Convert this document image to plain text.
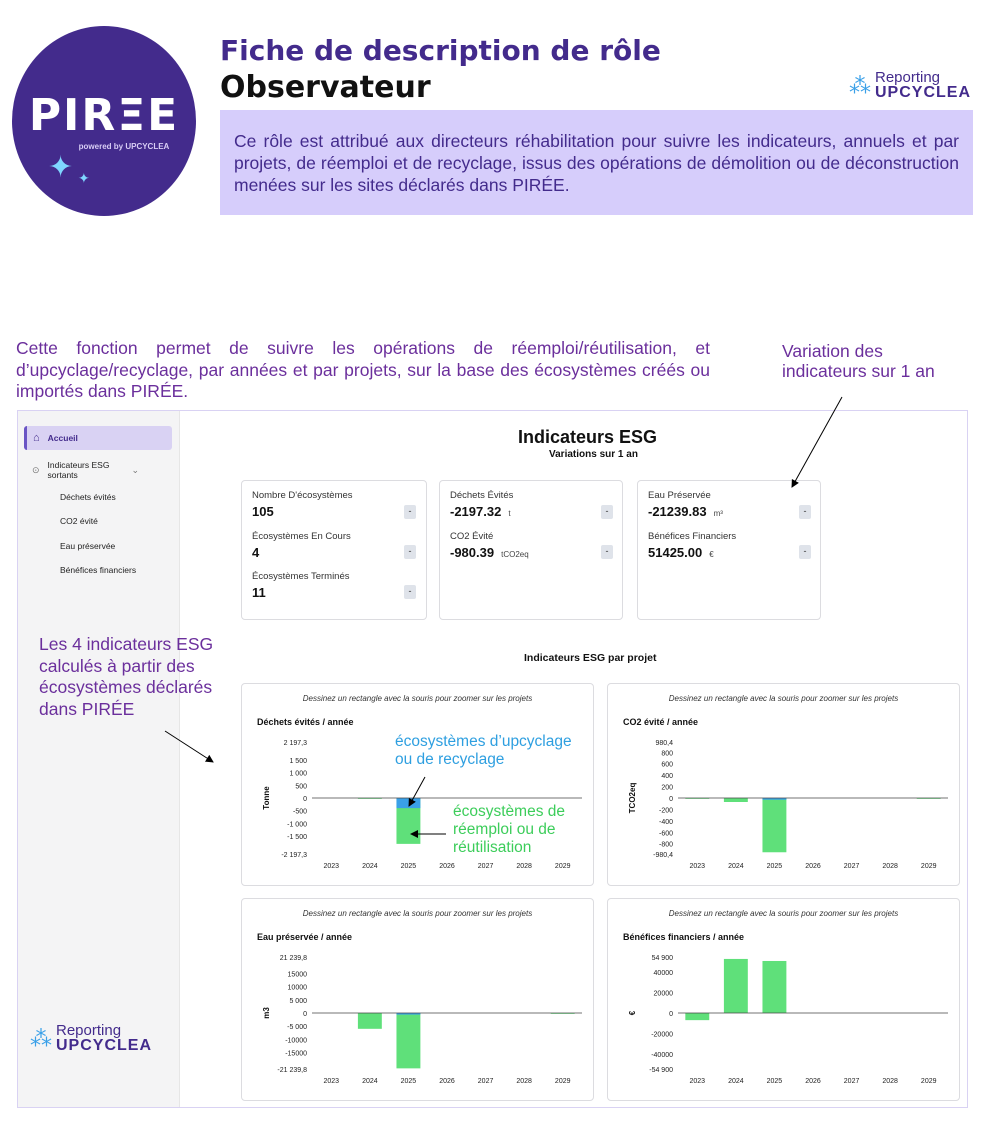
PIRΞE
powered by UPCYCLEA
✦ ✦
Fiche de description de rôle
Observateur	⁂ Reporting
UPCYCLEA
Ce rôle est attribué aux directeurs réhabilitation pour suivre les indicateurs, annuels et par projets, de réemploi et de recyclage, issus des opérations de démolition ou de déconstruction menées sur les sites déclarés dans PIRÉE.
Cette fonction permet de suivre les opérations de réemploi/réutilisation, et d’upcyclage/recyclage, par années et par projets, sur la base des écosystèmes créés ou importés dans PIRÉE.
Variation des indicateurs sur 1 an
⌂ Accueil
⊙ Indicateurs ESG sortants
⌄
Déchets évités
CO2 évité
Eau préservée
Bénéfices financiers
Indicateurs ESG
Variations sur 1 an
Nombre D'écosystèmes
105	-
Écosystèmes En Cours
4	-
Écosystèmes Terminés
11	-
Déchets Évités
-2197.32 t	-
CO2 Évité
-980.39 tCO2eq	-
Eau Préservée
-21239.83 m³	-
Bénéfices Financiers
51425.00 €	-
Indicateurs ESG par projet
Dessinez un rectangle avec la souris pour zoomer sur les projets
Déchets évités / année
2 197,3
1 500
1 000
500
0
-500
-1 000
-1 500
-2 197,3
Tonne
2023	2024	2025	2026	2027	2028	2029
Dessinez un rectangle avec la souris pour zoomer sur les projets
CO2 évité / année
980,4
800
600
400
200
0
-200
-400
-600
-800
-980,4
TCO2eq
2023	2024	2025	2026	2027	2028	2029
Dessinez un rectangle avec la souris pour zoomer sur les projets
Eau préservée / année
21 239,8
15000
10000
5 000
0
-5 000
-10000
-15000
-21 239,8
m3
2023	2024	2025	2026	2027	2028	2029
Dessinez un rectangle avec la souris pour zoomer sur les projets
Bénéfices financiers / année
54 900
40000
20000
0
-20000
-40000
-54 900
€
2023	2024	2025	2026	2027	2028	2029
⁂ Reporting
UPCYCLEA
Les 4 indicateurs ESG calculés à partir des écosystèmes déclarés dans PIRÉE
écosystèmes d’upcyclage ou de recyclage
écosystèmes de réemploi ou de réutilisation
